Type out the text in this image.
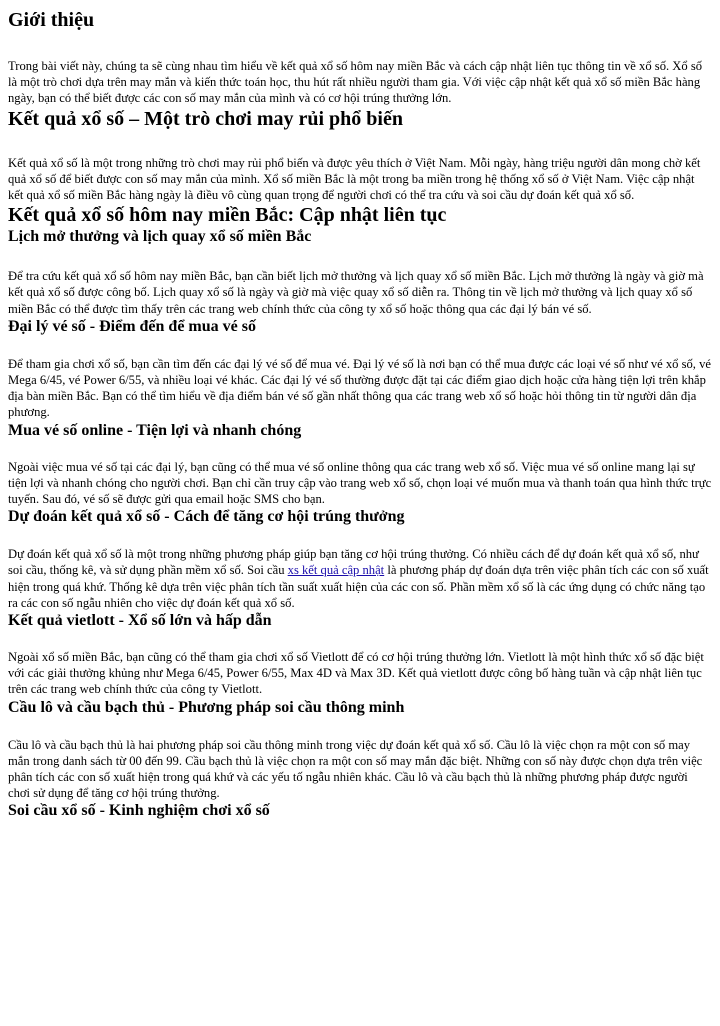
Giới thiệu

Trong bài viết này, chúng ta sẽ cùng nhau tìm hiểu về kết quả xổ số hôm nay miền Bắc và cách cập nhật liên tục thông tin về xổ số. Xổ số là một trò chơi dựa trên may mắn và kiến thức toán học, thu hút rất nhiều người tham gia. Với việc cập nhật kết quả xổ số miền Bắc hàng ngày, bạn có thể biết được các con số may mắn của mình và có cơ hội trúng thưởng lớn.

Kết quả xổ số – Một trò chơi may rủi phổ biến

Kết quả xổ số là một trong những trò chơi may rủi phổ biến và được yêu thích ở Việt Nam. Mỗi ngày, hàng triệu người dân mong chờ kết quả xổ số để biết được con số may mắn của mình. Xổ số miền Bắc là một trong ba miền trong hệ thống xổ số ở Việt Nam. Việc cập nhật kết quả xổ số miền Bắc hàng ngày là điều vô cùng quan trọng để người chơi có thể tra cứu và soi cầu dự đoán kết quả xổ số.

Kết quả xổ số hôm nay miền Bắc: Cập nhật liên tục
Lịch mở thưởng và lịch quay xổ số miền Bắc

Để tra cứu kết quả xổ số hôm nay miền Bắc, bạn cần biết lịch mở thưởng và lịch quay xổ số miền Bắc. Lịch mở thưởng là ngày và giờ mà kết quả xổ số được công bố. Lịch quay xổ số là ngày và giờ mà việc quay xổ số diễn ra. Thông tin về lịch mở thưởng và lịch quay xổ số miền Bắc có thể được tìm thấy trên các trang web chính thức của công ty xổ số hoặc thông qua các đại lý bán vé số.

Đại lý vé số - Điểm đến để mua vé số

Để tham gia chơi xổ số, bạn cần tìm đến các đại lý vé số để mua vé. Đại lý vé số là nơi bạn có thể mua được các loại vé số như vé xổ số, vé Mega 6/45, vé Power 6/55, và nhiều loại vé khác. Các đại lý vé số thường được đặt tại các điểm giao dịch hoặc cửa hàng tiện lợi trên khắp địa bàn miền Bắc. Bạn có thể tìm hiểu về địa điểm bán vé số gần nhất thông qua các trang web xổ số hoặc hỏi thông tin từ người dân địa phương.

Mua vé số online - Tiện lợi và nhanh chóng

Ngoài việc mua vé số tại các đại lý, bạn cũng có thể mua vé số online thông qua các trang web xổ số. Việc mua vé số online mang lại sự tiện lợi và nhanh chóng cho người chơi. Bạn chỉ cần truy cập vào trang web xổ số, chọn loại vé muốn mua và thanh toán qua hình thức trực tuyến. Sau đó, vé số sẽ được gửi qua email hoặc SMS cho bạn.

Dự đoán kết quả xổ số - Cách để tăng cơ hội trúng thưởng

Dự đoán kết quả xổ số là một trong những phương pháp giúp bạn tăng cơ hội trúng thưởng. Có nhiều cách để dự đoán kết quả xổ số, như soi cầu, thống kê, và sử dụng phần mềm xổ số. Soi cầu xs kết quả cập nhật là phương pháp dự đoán dựa trên việc phân tích các con số xuất hiện trong quá khứ. Thống kê dựa trên việc phân tích tần suất xuất hiện của các con số. Phần mềm xổ số là các ứng dụng có chức năng tạo ra các con số ngẫu nhiên cho việc dự đoán kết quả xổ số.

Kết quả vietlott - Xổ số lớn và hấp dẫn

Ngoài xổ số miền Bắc, bạn cũng có thể tham gia chơi xổ số Vietlott để có cơ hội trúng thưởng lớn. Vietlott là một hình thức xổ số đặc biệt với các giải thưởng khủng như Mega 6/45, Power 6/55, Max 4D và Max 3D. Kết quả vietlott được công bố hàng tuần và cập nhật liên tục trên các trang web chính thức của công ty Vietlott.

Cầu lô và cầu bạch thủ - Phương pháp soi cầu thông minh

Cầu lô và cầu bạch thủ là hai phương pháp soi cầu thông minh trong việc dự đoán kết quả xổ số. Cầu lô là việc chọn ra một con số may mắn trong danh sách từ 00 đến 99. Cầu bạch thủ là việc chọn ra một con số may mắn đặc biệt. Những con số này được chọn dựa trên việc phân tích các con số xuất hiện trong quá khứ và các yếu tố ngẫu nhiên khác. Cầu lô và cầu bạch thủ là những phương pháp được người chơi sử dụng để tăng cơ hội trúng thưởng.

Soi cầu xổ số - Kinh nghiệm chơi xổ số
